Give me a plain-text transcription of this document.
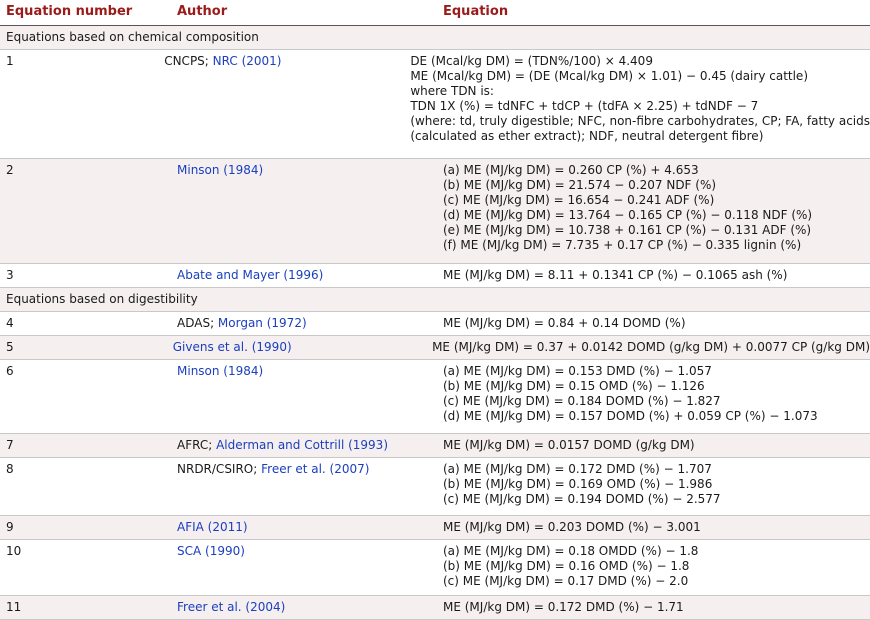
Equation number	Author	Equation
Equations based on chemical composition
1	CNCPS; NRC (2001)	DE (Mcal/kg DM) = (TDN%/100) × 4.409
ME (Mcal/kg DM) = (DE (Mcal/kg DM) × 1.01) − 0.45 (dairy cattle)
where TDN is:
TDN 1X (%) = tdNFC + tdCP + (tdFA × 2.25) + tdNDF − 7
(where: td, truly digestible; NFC, non-fibre carbohydrates, CP; FA, fatty acids
(calculated as ether extract); NDF, neutral detergent fibre)
2	Minson (1984)	(a) ME (MJ/kg DM) = 0.260 CP (%) + 4.653
(b) ME (MJ/kg DM) = 21.574 − 0.207 NDF (%)
(c) ME (MJ/kg DM) = 16.654 − 0.241 ADF (%)
(d) ME (MJ/kg DM) = 13.764 − 0.165 CP (%) − 0.118 NDF (%)
(e) ME (MJ/kg DM) = 10.738 + 0.161 CP (%) − 0.131 ADF (%)
(f) ME (MJ/kg DM) = 7.735 + 0.17 CP (%) − 0.335 lignin (%)
3	Abate and Mayer (1996)	ME (MJ/kg DM) = 8.11 + 0.1341 CP (%) − 0.1065 ash (%)
Equations based on digestibility
4	ADAS; Morgan (1972)	ME (MJ/kg DM) = 0.84 + 0.14 DOMD (%)
5	Givens et al. (1990)	ME (MJ/kg DM) = 0.37 + 0.0142 DOMD (g/kg DM) + 0.0077 CP (g/kg DM)
6	Minson (1984)	(a) ME (MJ/kg DM) = 0.153 DMD (%) − 1.057
(b) ME (MJ/kg DM) = 0.15 OMD (%) − 1.126
(c) ME (MJ/kg DM) = 0.184 DOMD (%) − 1.827
(d) ME (MJ/kg DM) = 0.157 DOMD (%) + 0.059 CP (%) − 1.073
7	AFRC; Alderman and Cottrill (1993)	ME (MJ/kg DM) = 0.0157 DOMD (g/kg DM)
8	NRDR/CSIRO; Freer et al. (2007)	(a) ME (MJ/kg DM) = 0.172 DMD (%) − 1.707
(b) ME (MJ/kg DM) = 0.169 OMD (%) − 1.986
(c) ME (MJ/kg DM) = 0.194 DOMD (%) − 2.577
9	AFIA (2011)	ME (MJ/kg DM) = 0.203 DOMD (%) − 3.001
10	SCA (1990)	(a) ME (MJ/kg DM) = 0.18 OMDD (%) − 1.8
(b) ME (MJ/kg DM) = 0.16 OMD (%) − 1.8
(c) ME (MJ/kg DM) = 0.17 DMD (%) − 2.0
11	Freer et al. (2004)	ME (MJ/kg DM) = 0.172 DMD (%) − 1.71
